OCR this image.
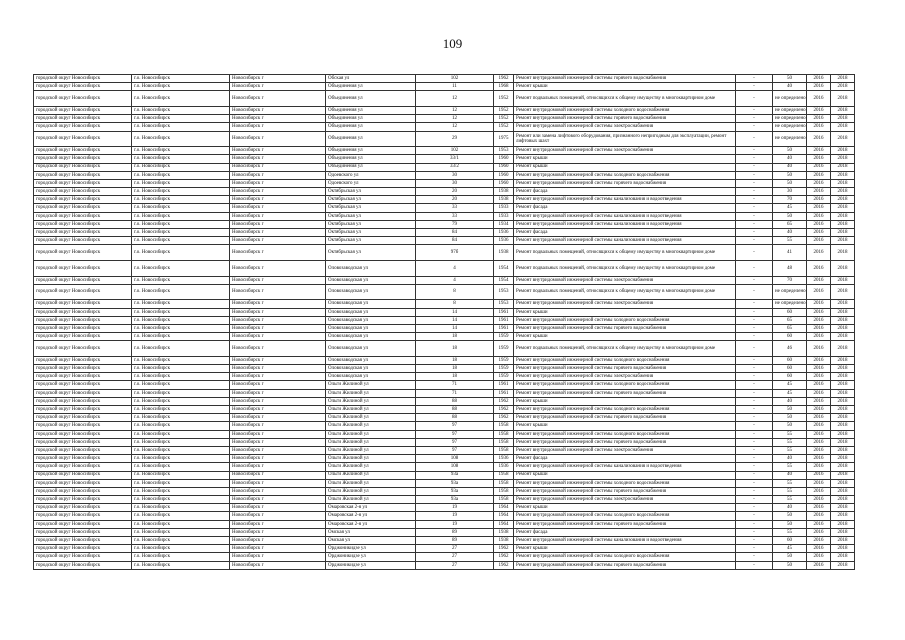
109
городской округ Новосибирск	г.о. Новосибирск	Новосибирск г	Обская ул	102	1962	Ремонт внутридомовой инженерной системы горячего водоснабжения	-	50	2016	2018
городской округ Новосибирск	г.о. Новосибирск	Новосибирск г	Объединения ул	11	1968	Ремонт крыши	-	40	2016	2018
городской округ Новосибирск	г.о. Новосибирск	Новосибирск г	Объединения ул	12	1952	Ремонт подвальных помещений, относящихся к общему имуществу в многоквартирном доме	-	не определено	2016	2018
городской округ Новосибирск	г.о. Новосибирск	Новосибирск г	Объединения ул	12	1952	Ремонт внутридомовой инженерной системы холодного водоснабжения	-	не определено	2016	2018
городской округ Новосибирск	г.о. Новосибирск	Новосибирск г	Объединения ул	12	1952	Ремонт внутридомовой инженерной системы горячего водоснабжения	-	не определено	2016	2018
городской округ Новосибирск	г.о. Новосибирск	Новосибирск г	Объединения ул	12	1952	Ремонт внутридомовой инженерной системы электроснабжения	-	не определено	2016	2018
городской округ Новосибирск	г.о. Новосибирск	Новосибирск г	Объединения ул	29	1975	Ремонт или замена лифтового оборудования, признанного непригодным для эксплуатации, ремонт лифтовых шахт	-	не определено	2016	2018
городской округ Новосибирск	г.о. Новосибирск	Новосибирск г	Объединения ул	102	1953	Ремонт внутридомовой инженерной системы электроснабжения	-	50	2016	2018
городской округ Новосибирск	г.о. Новосибирск	Новосибирск г	Объединения ул	33/1	1960	Ремонт крыши	-	40	2016	2018
городской округ Новосибирск	г.о. Новосибирск	Новосибирск г	Объединения ул	33/2	1960	Ремонт крыши	-	40	2016	2018
городской округ Новосибирск	г.о. Новосибирск	Новосибирск г	Одоевского ул	30	1960	Ремонт внутридомовой инженерной системы холодного водоснабжения	-	50	2016	2018
городской округ Новосибирск	г.о. Новосибирск	Новосибирск г	Одоевского ул	30	1960	Ремонт внутридомовой инженерной системы горячего водоснабжения	-	50	2016	2018
городской округ Новосибирск	г.о. Новосибирск	Новосибирск г	Октябрьская ул	20	1938	Ремонт фасада	-	30	2016	2018
городской округ Новосибирск	г.о. Новосибирск	Новосибирск г	Октябрьская ул	20	1938	Ремонт внутридомовой инженерной системы канализования и водоотведения	-	70	2016	2018
городской округ Новосибирск	г.о. Новосибирск	Новосибирск г	Октябрьская ул	33	1933	Ремонт фасада	-	45	2016	2018
городской округ Новосибирск	г.о. Новосибирск	Новосибирск г	Октябрьская ул	33	1933	Ремонт внутридомовой инженерной системы канализования и водоотведения	-	50	2016	2018
городской округ Новосибирск	г.о. Новосибирск	Новосибирск г	Октябрьская ул	79	1934	Ремонт внутридомовой инженерной системы канализования и водоотведения	-	65	2016	2018
городской округ Новосибирск	г.о. Новосибирск	Новосибирск г	Октябрьская ул	84	1936	Ремонт фасада	-	40	2016	2018
городской округ Новосибирск	г.о. Новосибирск	Новосибирск г	Октябрьская ул	84	1936	Ремонт внутридомовой инженерной системы канализования и водоотведения	-	55	2016	2018
городской округ Новосибирск	г.о. Новосибирск	Новосибирск г	Октябрьская ул	97б	1938	Ремонт подвальных помещений, относящихся к общему имуществу в многоквартирном доме	-	41	2016	2018
городской округ Новосибирск	г.о. Новосибирск	Новосибирск г	Оловозаводская ул	4	1954	Ремонт подвальных помещений, относящихся к общему имуществу в многоквартирном доме	-	48	2016	2018
городской округ Новосибирск	г.о. Новосибирск	Новосибирск г	Оловозаводская ул	4	1954	Ремонт внутридомовой инженерной системы электроснабжения	-	70	2016	2018
городской округ Новосибирск	г.о. Новосибирск	Новосибирск г	Оловозаводская ул	8	1953	Ремонт подвальных помещений, относящихся к общему имуществу в многоквартирном доме	-	не определено	2016	2018
городской округ Новосибирск	г.о. Новосибирск	Новосибирск г	Оловозаводская ул	8	1953	Ремонт внутридомовой инженерной системы электроснабжения	-	не определено	2016	2018
городской округ Новосибирск	г.о. Новосибирск	Новосибирск г	Оловозаводская ул	14	1961	Ремонт крыши	-	60	2016	2018
городской округ Новосибирск	г.о. Новосибирск	Новосибирск г	Оловозаводская ул	14	1961	Ремонт внутридомовой инженерной системы холодного водоснабжения	-	65	2016	2018
городской округ Новосибирск	г.о. Новосибирск	Новосибирск г	Оловозаводская ул	14	1961	Ремонт внутридомовой инженерной системы горячего водоснабжения	-	65	2016	2018
городской округ Новосибирск	г.о. Новосибирск	Новосибирск г	Оловозаводская ул	18	1959	Ремонт крыши	-	60	2016	2018
городской округ Новосибирск	г.о. Новосибирск	Новосибирск г	Оловозаводская ул	18	1959	Ремонт подвальных помещений, относящихся к общему имуществу в многоквартирном доме	-	46	2016	2018
городской округ Новосибирск	г.о. Новосибирск	Новосибирск г	Оловозаводская ул	18	1959	Ремонт внутридомовой инженерной системы холодного водоснабжения	-	60	2016	2018
городской округ Новосибирск	г.о. Новосибирск	Новосибирск г	Оловозаводская ул	18	1959	Ремонт внутридомовой инженерной системы горячего водоснабжения	-	60	2016	2018
городской округ Новосибирск	г.о. Новосибирск	Новосибирск г	Оловозаводская ул	18	1959	Ремонт внутридомовой инженерной системы электроснабжения	-	60	2016	2018
городской округ Новосибирск	г.о. Новосибирск	Новосибирск г	Ольги Жилиной ул	71	1961	Ремонт внутридомовой инженерной системы холодного водоснабжения	-	45	2016	2018
городской округ Новосибирск	г.о. Новосибирск	Новосибирск г	Ольги Жилиной ул	71	1961	Ремонт внутридомовой инженерной системы горячего водоснабжения	-	45	2016	2018
городской округ Новосибирск	г.о. Новосибирск	Новосибирск г	Ольги Жилиной ул	88	1962	Ремонт крыши	-	40	2016	2018
городской округ Новосибирск	г.о. Новосибирск	Новосибирск г	Ольги Жилиной ул	88	1962	Ремонт внутридомовой инженерной системы холодного водоснабжения	-	50	2016	2018
городской округ Новосибирск	г.о. Новосибирск	Новосибирск г	Ольги Жилиной ул	88	1962	Ремонт внутридомовой инженерной системы горячего водоснабжения	-	50	2016	2018
городской округ Новосибирск	г.о. Новосибирск	Новосибирск г	Ольги Жилиной ул	97	1958	Ремонт крыши	-	50	2016	2018
городской округ Новосибирск	г.о. Новосибирск	Новосибирск г	Ольги Жилиной ул	97	1958	Ремонт внутридомовой инженерной системы холодного водоснабжения	-	55	2016	2018
городской округ Новосибирск	г.о. Новосибирск	Новосибирск г	Ольги Жилиной ул	97	1958	Ремонт внутридомовой инженерной системы горячего водоснабжения	-	55	2016	2018
городской округ Новосибирск	г.о. Новосибирск	Новосибирск г	Ольги Жилиной ул	97	1958	Ремонт внутридомовой инженерной системы электроснабжения	-	55	2016	2018
городской округ Новосибирск	г.о. Новосибирск	Новосибирск г	Ольги Жилиной ул	108	1936	Ремонт фасада	-	40	2016	2018
городской округ Новосибирск	г.о. Новосибирск	Новосибирск г	Ольги Жилиной ул	108	1936	Ремонт внутридомовой инженерной системы канализования и водоотведения	-	55	2016	2018
городской округ Новосибирск	г.о. Новосибирск	Новосибирск г	Ольги Жилиной ул	93а	1958	Ремонт крыши	-	40	2016	2018
городской округ Новосибирск	г.о. Новосибирск	Новосибирск г	Ольги Жилиной ул	93а	1958	Ремонт внутридомовой инженерной системы холодного водоснабжения	-	55	2016	2018
городской округ Новосибирск	г.о. Новосибирск	Новосибирск г	Ольги Жилиной ул	93а	1958	Ремонт внутридомовой инженерной системы горячего водоснабжения	-	55	2016	2018
городской округ Новосибирск	г.о. Новосибирск	Новосибирск г	Ольги Жилиной ул	93а	1958	Ремонт внутридомовой инженерной системы электроснабжения	-	55	2016	2018
городской округ Новосибирск	г.о. Новосибирск	Новосибирск г	Омаровская 2-я ул	19	1964	Ремонт крыши	-	40	2016	2018
городской округ Новосибирск	г.о. Новосибирск	Новосибирск г	Омаровская 2-я ул	19	1964	Ремонт внутридомовой инженерной системы холодного водоснабжения	-	50	2016	2018
городской округ Новосибирск	г.о. Новосибирск	Новосибирск г	Омаровская 2-я ул	19	1964	Ремонт внутридомовой инженерной системы горячего водоснабжения	-	50	2016	2018
городской округ Новосибирск	г.о. Новосибирск	Новосибирск г	Омская ул	89	1938	Ремонт фасада	-	55	2016	2018
городской округ Новосибирск	г.о. Новосибирск	Новосибирск г	Омская ул	89	1938	Ремонт внутридомовой инженерной системы канализования и водоотведения	-	60	2016	2018
городской округ Новосибирск	г.о. Новосибирск	Новосибирск г	Орджоникидзе ул	27	1962	Ремонт крыши	-	45	2016	2018
городской округ Новосибирск	г.о. Новосибирск	Новосибирск г	Орджоникидзе ул	27	1962	Ремонт внутридомовой инженерной системы холодного водоснабжения	-	50	2016	2018
городской округ Новосибирск	г.о. Новосибирск	Новосибирск г	Орджоникидзе ул	27	1962	Ремонт внутридомовой инженерной системы горячего водоснабжения	-	50	2016	2018
